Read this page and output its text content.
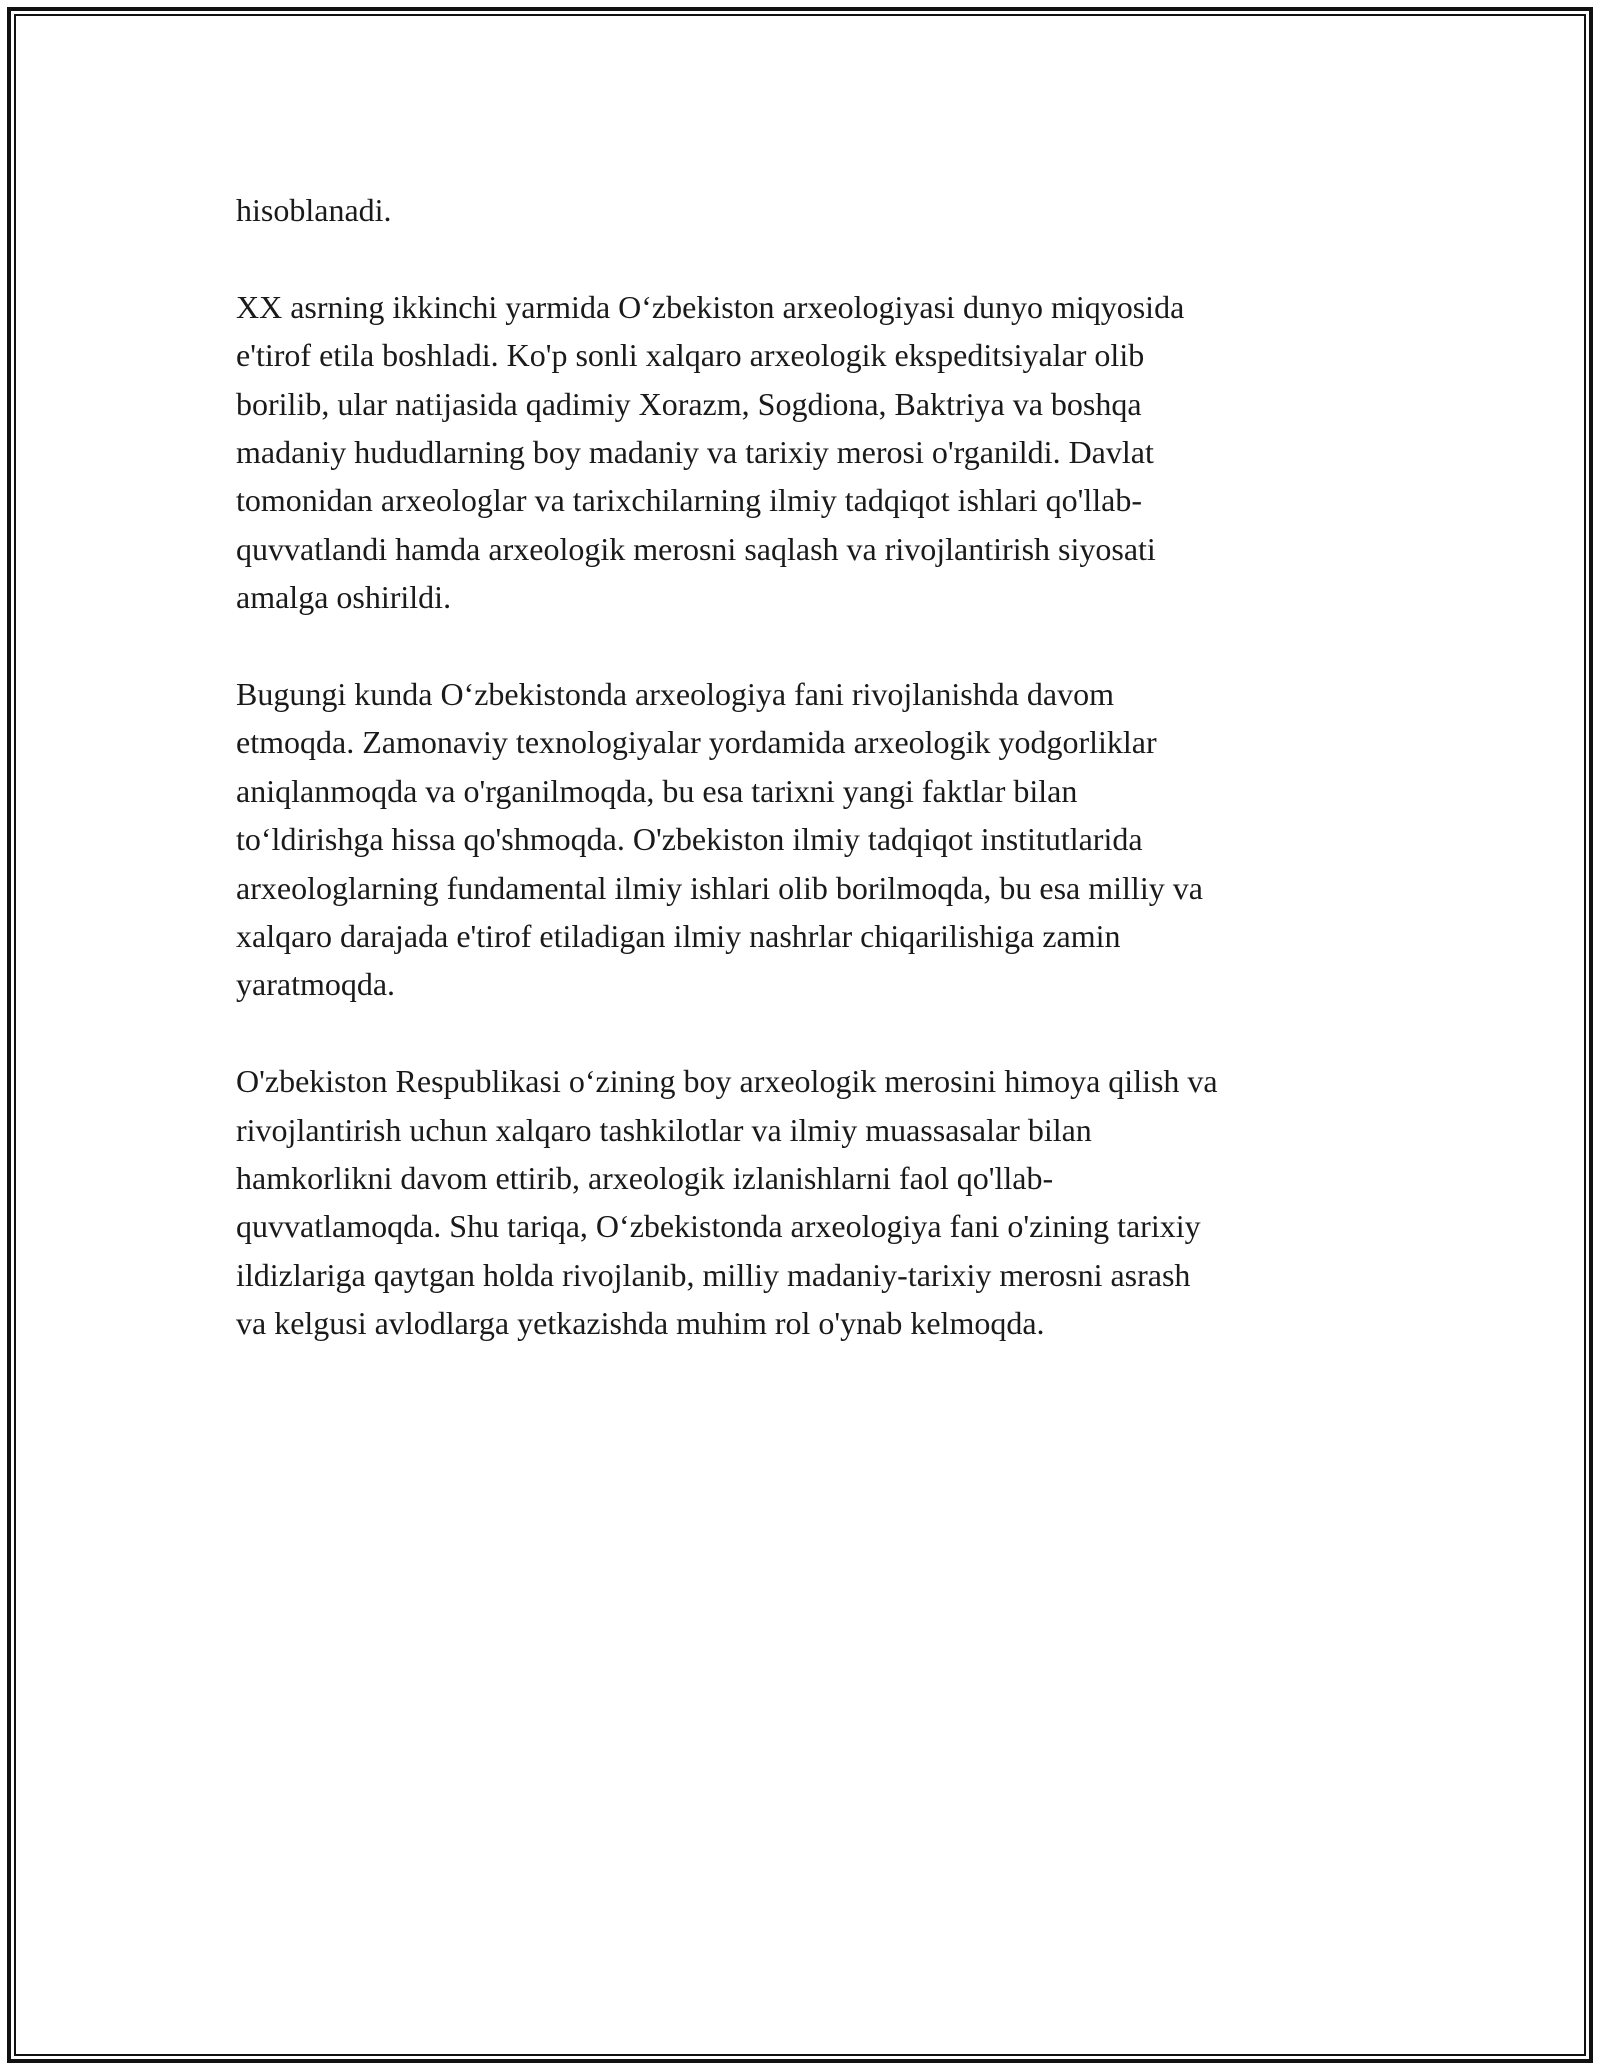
hisoblanadi.
XX asrning ikkinchi yarmida O‘zbekiston arxeologiyasi dunyo miqyosida
e'tirof etila boshladi. Ko'p sonli xalqaro arxeologik ekspeditsiyalar olib
borilib, ular natijasida qadimiy Xorazm, Sogdiona, Baktriya va boshqa
madaniy hududlarning boy madaniy va tarixiy merosi o'rganildi. Davlat
tomonidan arxeologlar va tarixchilarning ilmiy tadqiqot ishlari qo'llab-
quvvatlandi hamda arxeologik merosni saqlash va rivojlantirish siyosati
amalga oshirildi.
Bugungi kunda O‘zbekistonda arxeologiya fani rivojlanishda davom
etmoqda. Zamonaviy texnologiyalar yordamida arxeologik yodgorliklar
aniqlanmoqda va o'rganilmoqda, bu esa tarixni yangi faktlar bilan
to‘ldirishga hissa qo'shmoqda. O'zbekiston ilmiy tadqiqot institutlarida
arxeologlarning fundamental ilmiy ishlari olib borilmoqda, bu esa milliy va
xalqaro darajada e'tirof etiladigan ilmiy nashrlar chiqarilishiga zamin
yaratmoqda.
O'zbekiston Respublikasi o‘zining boy arxeologik merosini himoya qilish va
rivojlantirish uchun xalqaro tashkilotlar va ilmiy muassasalar bilan
hamkorlikni davom ettirib, arxeologik izlanishlarni faol qo'llab-
quvvatlamoqda. Shu tariqa, O‘zbekistonda arxeologiya fani o'zining tarixiy
ildizlariga qaytgan holda rivojlanib, milliy madaniy-tarixiy merosni asrash
va kelgusi avlodlarga yetkazishda muhim rol o'ynab kelmoqda.
